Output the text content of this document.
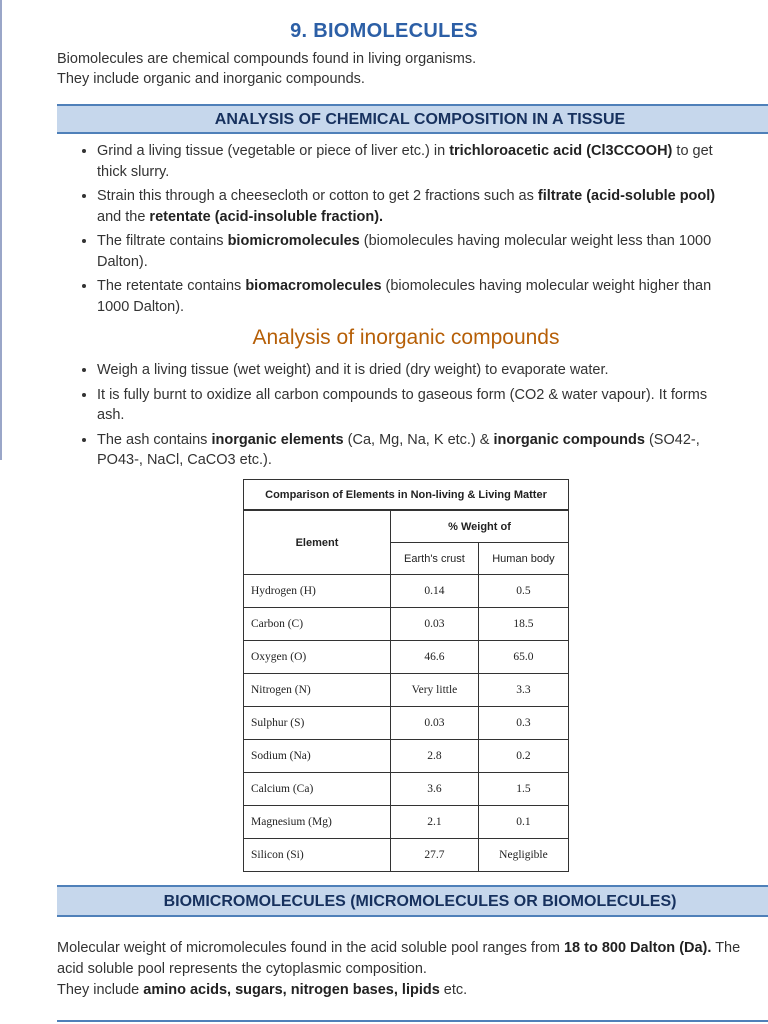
9. BIOMOLECULES
Biomolecules are chemical compounds found in living organisms.
They include organic and inorganic compounds.
ANALYSIS OF CHEMICAL COMPOSITION IN A TISSUE
• Grind a living tissue (vegetable or piece of liver etc.) in trichloroacetic acid (Cl3CCOOH) to get thick slurry.
• Strain this through a cheesecloth or cotton to get 2 fractions such as filtrate (acid-soluble pool) and the retentate (acid-insoluble fraction).
• The filtrate contains biomicromolecules (biomolecules having molecular weight less than 1000 Dalton).
• The retentate contains biomacromolecules (biomolecules having molecular weight higher than 1000 Dalton).
Analysis of inorganic compounds
• Weigh a living tissue (wet weight) and it is dried (dry weight) to evaporate water.
• It is fully burnt to oxidize all carbon compounds to gaseous form (CO2 & water vapour). It forms ash.
• The ash contains inorganic elements (Ca, Mg, Na, K etc.) & inorganic compounds (SO42-, PO43-, NaCl, CaCO3 etc.).
Comparison of Elements in Non-living & Living Matter		
Element	% Weight of	
	Earth's crust	Human body
Hydrogen (H)	0.14	0.5
Carbon (C)	0.03	18.5
Oxygen (O)	46.6	65.0
Nitrogen (N)	Very little	3.3
Sulphur (S)	0.03	0.3
Sodium (Na)	2.8	0.2
Calcium (Ca)	3.6	1.5
Magnesium (Mg)	2.1	0.1
Silicon (Si)	27.7	Negligible
BIOMICROMOLECULES (MICROMOLECULES OR BIOMOLECULES)
Molecular weight of micromolecules found in the acid soluble pool ranges from 18 to 800 Dalton (Da). The acid soluble pool represents the cytoplasmic composition.
They include amino acids, sugars, nitrogen bases, lipids etc.
